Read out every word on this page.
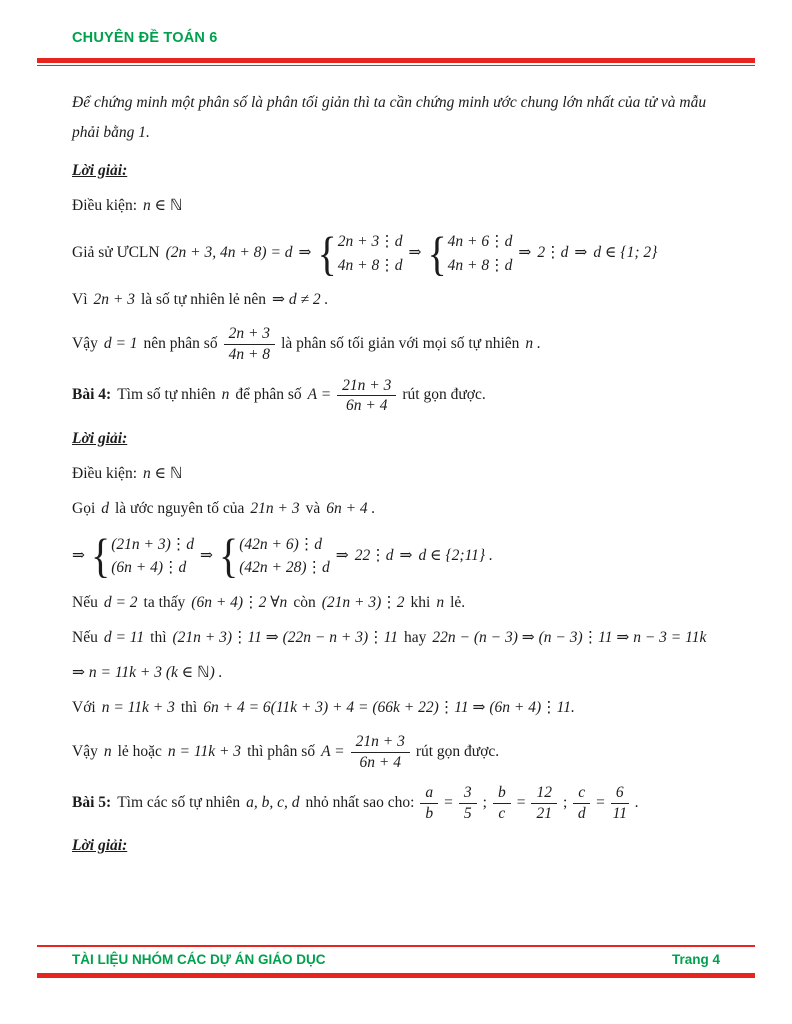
CHUYÊN ĐỀ TOÁN 6

Để chứng minh một phân số là phân tối giản thì ta cần chứng minh ước chung lớn nhất của tử và mẫu phải bằng 1.

Lời giải:
Điều kiện: n ∈ ℕ
Giả sử ƯCLN (2n + 3, 4n + 8) = d ⇒ { 2n + 3⋮d
4n + 8⋮d
⇒ { 4n + 6⋮d
4n + 8⋮d
⇒ 2⋮d ⇒ d ∈ {1; 2}
Vì 2n + 3 là số tự nhiên lẻ nên ⇒ d ≠ 2 .
Vậy d = 1 nên phân số $\frac{2n + 3}{4n + 8}$ là phân số tối giản với mọi số tự nhiên n .
Bài 4: Tìm số tự nhiên n để phân số $A = \frac{21n + 3}{6n + 4}$ rút gọn được.
Lời giải:
Điều kiện: n ∈ ℕ
Gọi d là ước nguyên tố của 21n + 3 và 6n + 4 .
⇒ { (21n + 3)⋮d
(6n + 4)⋮d
⇒ { (42n + 6)⋮d
(42n + 28)⋮d
⇒ 22⋮d ⇒ d ∈ {2;11} .
Nếu d = 2 ta thấy (6n + 4)⋮2 ∀n còn (21n + 3)⋮2 khi n lẻ.
Nếu d = 11 thì (21n + 3)⋮11 ⇒ (22n − n + 3)⋮11 hay 22n − (n − 3) ⇒ (n − 3)⋮11 ⇒ n − 3 = 11k
⇒ n = 11k + 3 (k ∈ ℕ) .
Với n = 11k + 3 thì 6n + 4 = 6(11k + 3) + 4 = (66k + 22)⋮11 ⇒ (6n + 4)⋮11.
Vậy n lẻ hoặc n = 11k + 3 thì phân số $A = \frac{21n + 3}{6n + 4}$ rút gọn được.
Bài 5: Tìm các số tự nhiên a, b, c, d nhỏ nhất sao cho: $\frac{a}{b} = \frac{3}{5}$ ; $\frac{b}{c} = \frac{12}{21}$ ; $\frac{c}{d} = \frac{6}{11}$ .
Lời giải:
TÀI LIỆU NHÓM CÁC DỰ ÁN GIÁO DỤC	Trang 4
